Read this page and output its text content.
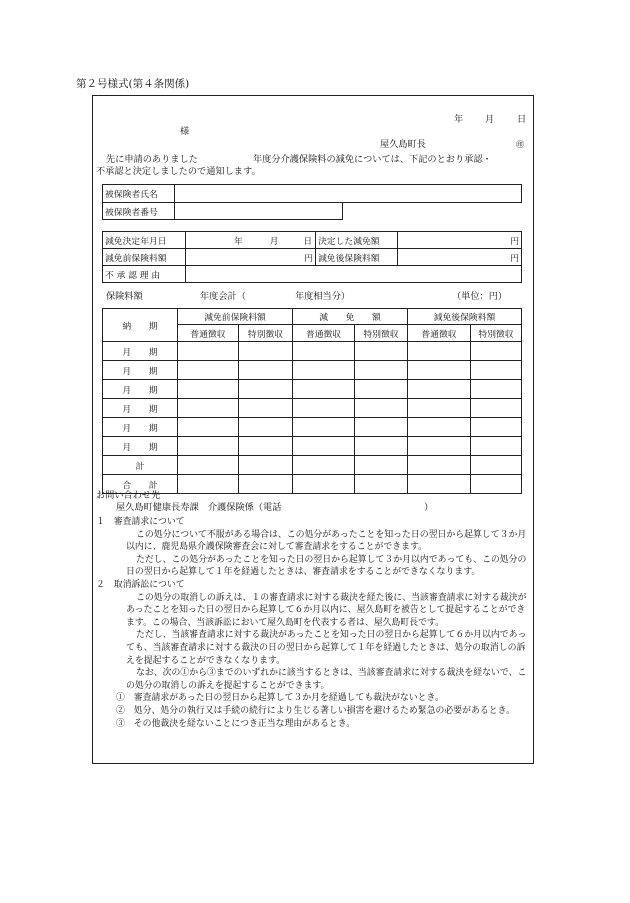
第２号様式(第４条関係)
年 月 日
様
屋久島町長	㊞
先に申請のありました	年度分介護保険料の減免については、下記のとおり承認・
不承認と決定しましたので通知します。
被保険者氏名	
被保険者番号	
減免決定年月日	年 月 日	決定した減免額	円
減免前保険料額	円	減免後保険料額	円
不 承 認 理 由			
保険料額	年度会計（	年度相当分）	（単位：円）
納　　期	減免前保険料額		減　　免　　額		減免後保険料額	
	普通徴収	特別徴収	普通徴収	特別徴収	普通徴収	特別徴収
月　　期						
月　　期						
月　　期						
月　　期						
月　　期						
月　　期						
計						
合　　計						
お問い合わせ先
屋久島町健康長寿課　介護保険係（電話	）

１　審査請求について

この処分について不服がある場合は、この処分があったことを知った日の翌日から起算して３か月以内に、鹿児島県介護保険審査会に対して審査請求をすることができます。

ただし、この処分があったことを知った日の翌日から起算して３か月以内であっても、この処分の日の翌日から起算して１年を経過したときは、審査請求をすることができなくなります。

２　取消訴訟について

この処分の取消しの訴えは、１の審査請求に対する裁決を経た後に、当該審査請求に対する裁決があったことを知った日の翌日から起算して６か月以内に、屋久島町を被告として提起することができます。この場合、当該訴訟において屋久島町を代表する者は、屋久島町長です。

ただし、当該審査請求に対する裁決があったことを知った日の翌日から起算して６か月以内であっても、当該審査請求に対する裁決の日の翌日から起算して１年を経過したときは、処分の取消しの訴えを提起することができなくなります。

なお、次の①から③までのいずれかに該当するときは、当該審査請求に対する裁決を経ないで、この処分の取消しの訴えを提起することができます。

①　審査請求があった日の翌日から起算して３か月を経過しても裁決がないとき。

②　処分、処分の執行又は手続の続行により生じる著しい損害を避けるため緊急の必要があるとき。

③　その他裁決を経ないことにつき正当な理由があるとき。
